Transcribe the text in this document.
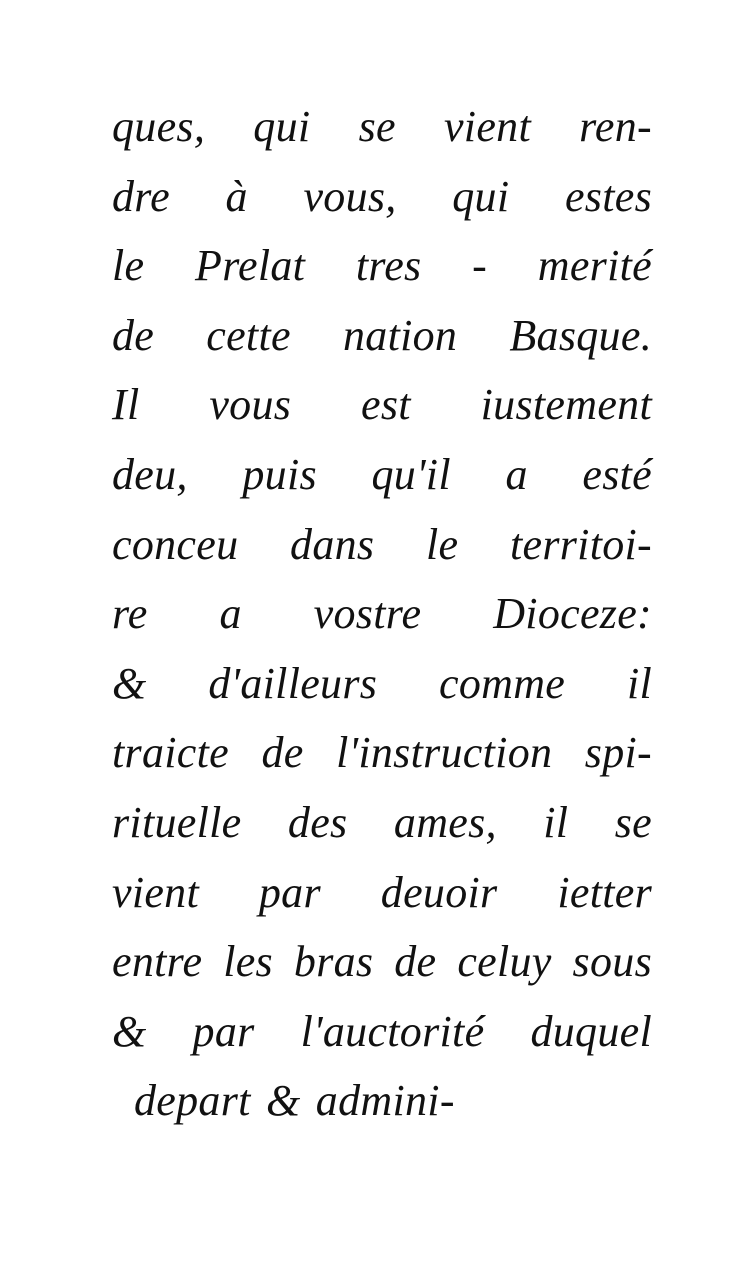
ques, qui se vient ren-
dre à vous, qui estes
le Prelat tres - merité
de cette nation Basque.
Il vous est iustement
deu, puis qu'il a esté
conceu dans le territoi-
re a vostre Dioceze:
& d'ailleurs comme il
traicte de l'instruction spi-
rituelle des ames, il se
vient par deuoir ietter
entre les bras de celuy sous
& par l'auctorité duquel
depart & admini-
